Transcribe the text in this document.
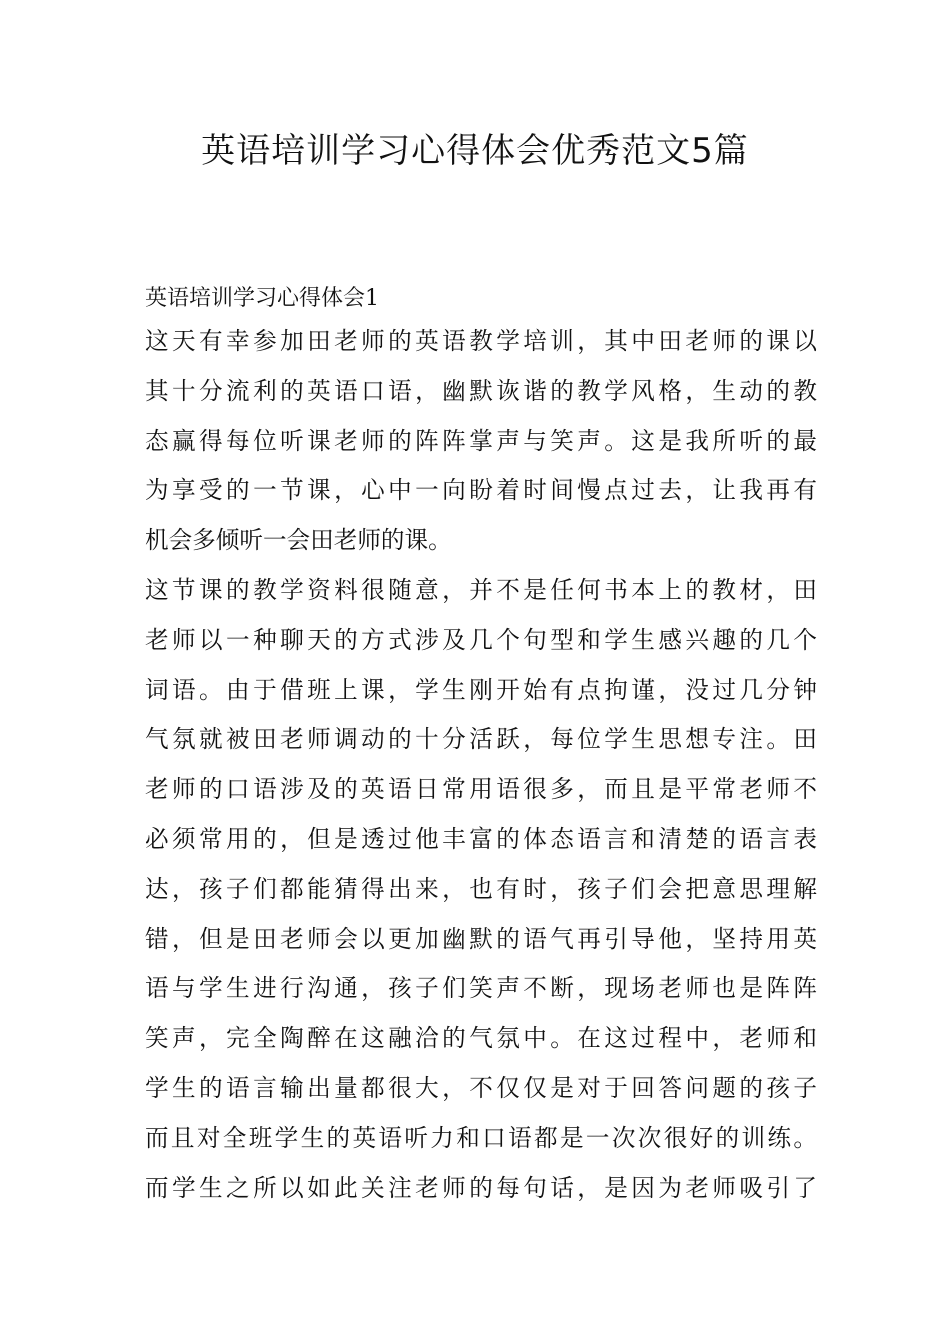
英语培训学习心得体会优秀范文5篇
英语培训学习心得体会1

这天有幸参加田老师的英语教学培训，其中田老师的课以
其十分流利的英语口语，幽默诙谐的教学风格，生动的教
态赢得每位听课老师的阵阵掌声与笑声。这是我所听的最
为享受的一节课，心中一向盼着时间慢点过去，让我再有
机会多倾听一会田老师的课。

这节课的教学资料很随意，并不是任何书本上的教材，田
老师以一种聊天的方式涉及几个句型和学生感兴趣的几个
词语。由于借班上课，学生刚开始有点拘谨，没过几分钟
气氛就被田老师调动的十分活跃，每位学生思想专注。田
老师的口语涉及的英语日常用语很多，而且是平常老师不
必须常用的，但是透过他丰富的体态语言和清楚的语言表
达，孩子们都能猜得出来，也有时，孩子们会把意思理解
错，但是田老师会以更加幽默的语气再引导他，坚持用英
语与学生进行沟通，孩子们笑声不断，现场老师也是阵阵
笑声，完全陶醉在这融洽的气氛中。在这过程中，老师和
学生的语言输出量都很大，不仅仅是对于回答问题的孩子
而且对全班学生的英语听力和口语都是一次次很好的训练。
而学生之所以如此关注老师的每句话，是因为老师吸引了
